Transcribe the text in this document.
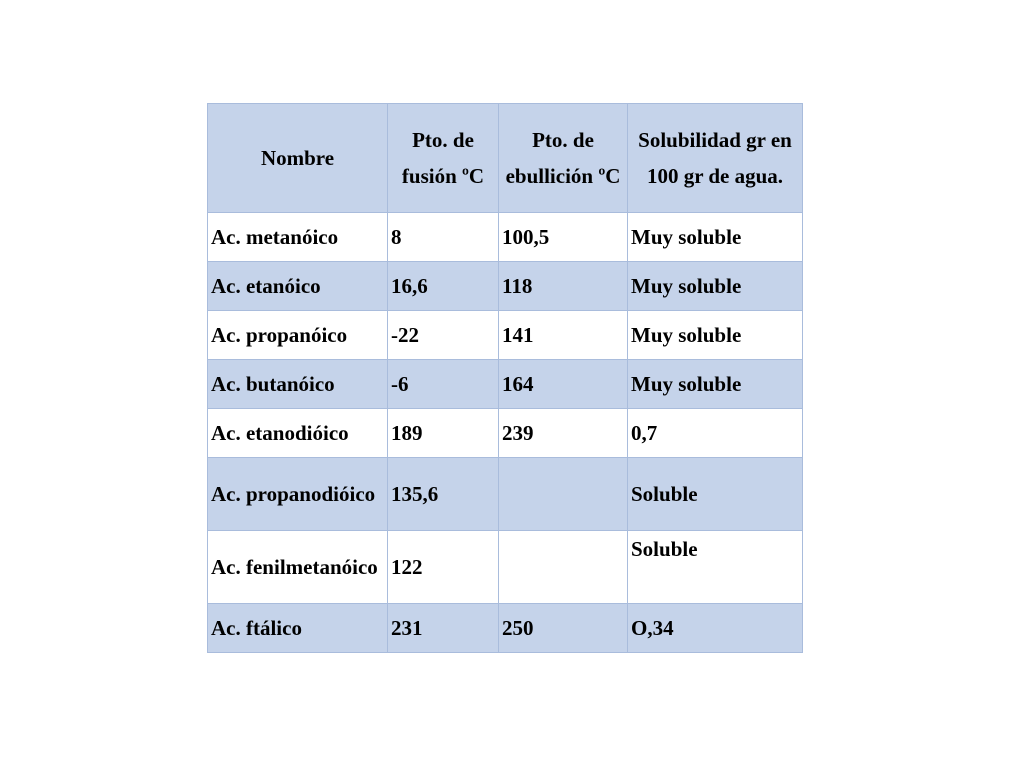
Nombre	Pto. de fusión ºC	Pto. de ebullición ºC	Solubilidad gr en 100 gr de agua.
Ac. metanóico	8	100,5	Muy soluble
Ac. etanóico	16,6	118	Muy soluble
Ac. propanóico	-22	141	Muy soluble
Ac. butanóico	-6	164	Muy soluble
Ac. etanodióico	189	239	0,7
Ac. propanodióico	135,6		Soluble
Ac. fenilmetanóico	122		Soluble
Ac. ftálico	231	250	O,34
